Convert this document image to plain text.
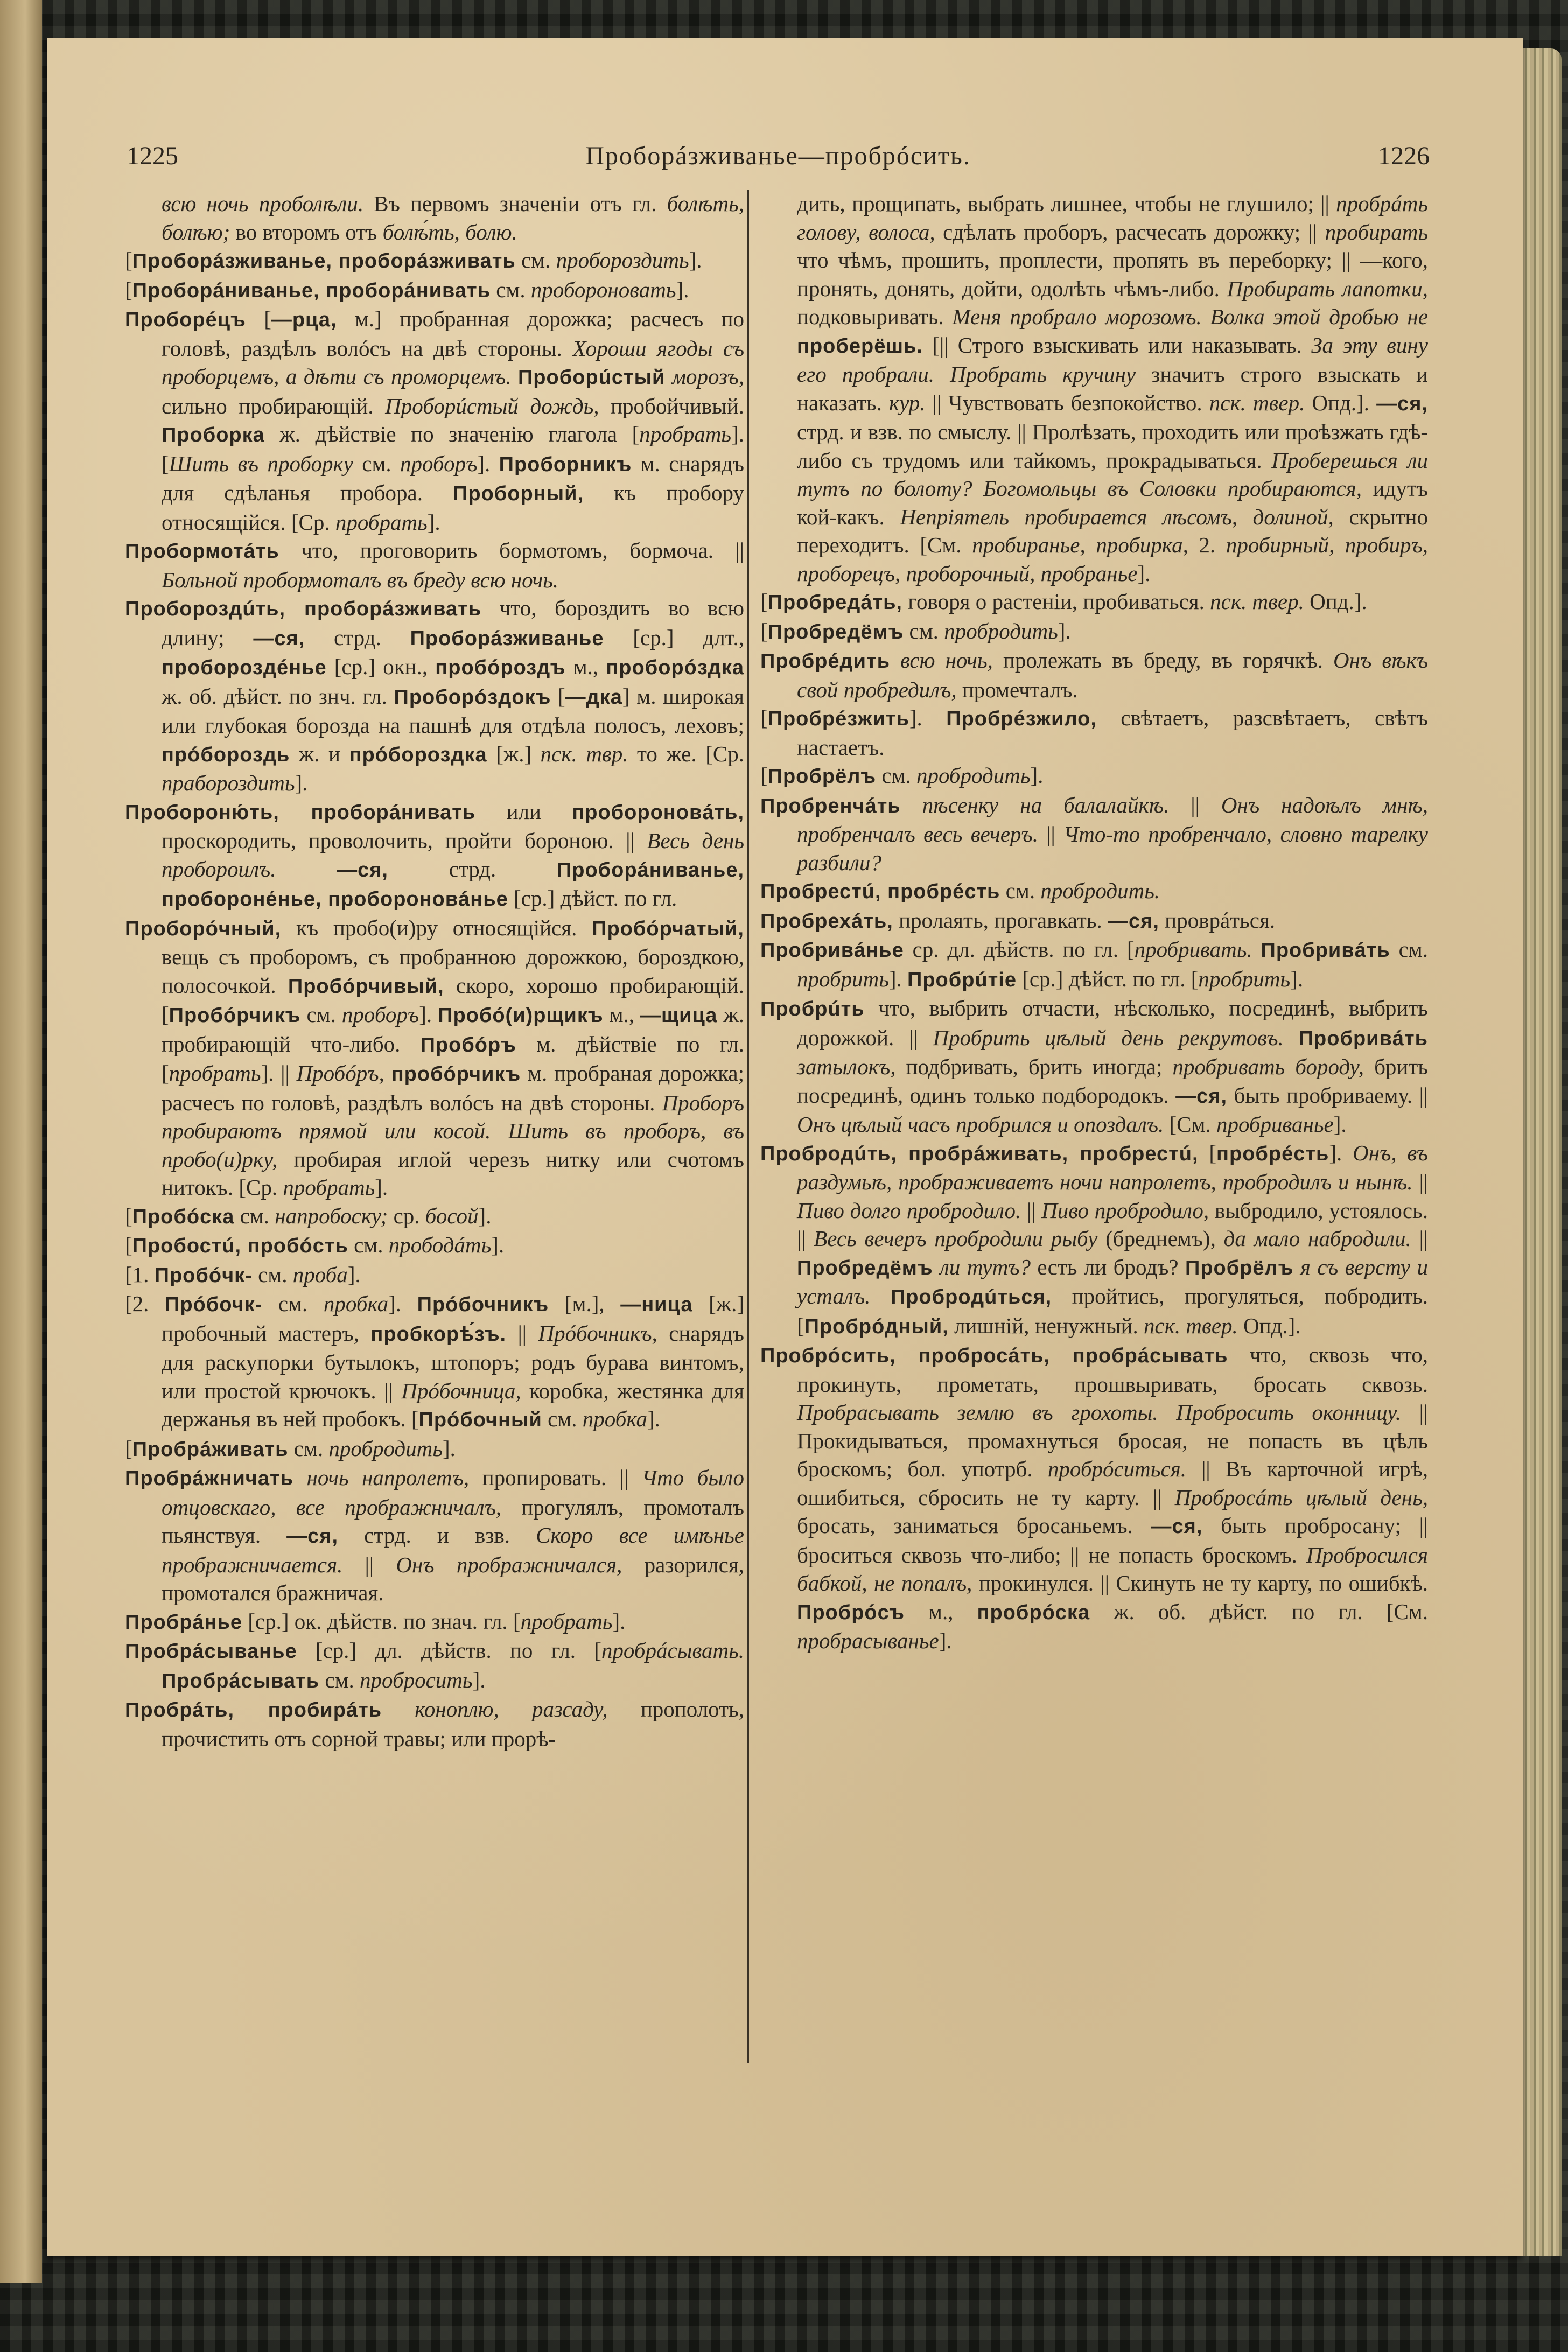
1225	Проборáзживанье—пробрóсить.	1226

всю ночь проболѣли. Въ первомъ значеніи отъ гл. болѣть, болѣю; во второмъ отъ болѣ́ть, болю.

[Проборáзживанье, проборáзживать см. пробороздить].

[Проборáниванье, проборáнивать см. пробороновать].

Проборéцъ [—рца, м.] пробранная дорожка; расчесъ по головѣ, раздѣлъ волóсъ на двѣ стороны. Хороши ягоды съ проборцемъ, а дѣти съ проморцемъ. Проборúстый морозъ, сильно пробирающій. Проборúстый дождь, пробойчивый. Проборка ж. дѣйствіе по значенію глагола [пробрать]. [Шить въ проборку см. проборъ]. Проборникъ м. снарядъ для сдѣланья пробора. Проборный, къ пробору относящійся. [Ср. пробрать].

Пробормотáть что, проговорить бормотомъ, бормоча. || Больной пробормоталъ въ бреду всю ночь.

Пробороздúть, проборáзживать что, бороздить во всю длину; —ся, стрд. Проборáзживанье [ср.] длт., пробороздéнье [ср.] окн., пробóроздъ м., проборóздка ж. об. дѣйст. по знч. гл. Проборóздокъ [—дка] м. широкая или глубокая борозда на пашнѣ для отдѣла полосъ, леховъ; прóбороздь ж. и прóбороздка [ж.] пск. твр. то же. [Ср. прабороздить].

Пробороню́ть, проборáнивать или пробороновáть, проскородить, проволочить, пройти бороною. || Весь день пробороилъ.	—ся, стрд. Проборáниванье, пробороне́нье, пробороновáнье [ср.] дѣйст. по гл.

Проборóчный, къ пробо(и)ру относящійся. Пробóрчатый, вещь съ проборомъ, съ пробранною дорожкою, бороздкою, полосочкой. Пробóрчивый, скоро, хорошо пробирающій. [Пробóрчикъ см. проборъ]. Пробó(и)рщикъ м., —щица ж. пробирающій что-либо. Пробóръ м. дѣйствіе по гл. [пробрать]. || Пробóръ, пробóрчикъ м. пробраная дорожка; расчесъ по головѣ, раздѣлъ волóсъ на двѣ стороны. Проборъ пробираютъ прямой или косой. Шить въ проборъ, въ пробо(и)рку, пробирая иглой черезъ нитку или счотомъ нитокъ. [Ср. пробрать].

[Пробóска см. напробоску; ср. босой].

[Пробостú, пробóсть см. прободáть].

[1. Пробóчк- см. проба].

[2. Прóбочк- см. пробка]. Прóбочникъ [м.], —ница [ж.] пробочный мастеръ, пробкорѣ́зъ. || Прóбочникъ, снарядъ для раскупорки бутылокъ, штопоръ; родъ бурава винтомъ, или простой крючокъ. || Прóбочница, коробка, жестянка для держанья въ ней пробокъ. [Прóбочный см. пробка].

[Пробрáживать см. пробродить].

Пробрáжничать ночь напролетъ, пропировать. || Что было отцовскаго, все прображничалъ, прогулялъ, промоталъ пьянствуя. —ся, стрд. и взв. Скоро все имѣнье прображничается. || Онъ прображничался, разорился, промотался бражничая.

Пробрáнье [ср.] ок. дѣйств. по знач. гл. [пробрать].

Пробрáсыванье [ср.] дл. дѣйств. по гл. [пробрáсывать. Пробрáсывать см. пробросить].

Пробрáть, пробирáть коноплю, разсаду, прополоть, прочистить отъ сорной травы; или прорѣ-

дить, прощипать, выбрать лишнее, чтобы не глушило; || пробрáть голову, волоса, сдѣлать проборъ, расчесать дорожку; || пробирать что чѣмъ, прошить, проплести, пропять въ переборку; || —кого, пронять, донять, дойти, одолѣть чѣмъ-либо. Пробирать лапотки, подковыривать. Меня пробрало морозомъ. Волка этой дробью не проберёшь. [|| Строго взыскивать или наказывать. За эту вину его пробрали. Пробрать кручину значитъ строго взыскать и наказать. кур. || Чувствовать безпокойство. пск. твер. Опд.]. —ся, стрд. и взв. по смыслу. || Пролѣзать, проходить или проѣзжать гдѣ-либо съ трудомъ или тайкомъ, прокрадываться. Проберешься ли тутъ по болоту? Богомольцы въ Соловки пробираются, идутъ кой-какъ. Непріятель пробирается лѣсомъ, долиной, скрытно переходитъ. [См. пробиранье, пробирка, 2. пробирный, пробиръ, проборецъ, проборочный, пробранье].

[Пробредáть, говоря о растеніи, пробиваться. пск. твер. Опд.].

[Пробредёмъ см. пробродить].

Пробрéдить всю ночь, пролежать въ бреду, въ горячкѣ. Онъ вѣкъ свой пробредилъ, промечталъ.

[Пробрéзжить]. Пробрéзжило, свѣтаетъ, разсвѣтаетъ, свѣтъ настаетъ.

[Пробрёлъ см. пробродить].

Пробренчáть пѣсенку на балалайкѣ. || Онъ надоѣлъ мнѣ, пробренчалъ весь вечеръ. || Что-то пробренчало, словно тарелку разбили?

Пробрестú, пробрéсть см. пробродить.

Пробрехáть, пролаять, прогавкать. —ся, проврáться.

Пробривáнье ср. дл. дѣйств. по гл. [пробривать. Пробривáть см. пробрить]. Пробрúтіе [ср.] дѣйст. по гл. [пробрить].

Пробрúть что, выбрить отчасти, нѣсколько, посрединѣ, выбрить дорожкой. || Пробрить цѣлый день рекрутовъ. Пробривáть затылокъ, подбривать, брить иногда; пробривать бороду, брить посрединѣ, одинъ только подбородокъ. —ся, быть пробриваему. || Онъ цѣлый часъ пробрился и опоздалъ. [См. пробриванье].

Пробродúть, пробрáживать, пробрестú, [пробрéсть]. Онъ, въ раздумьѣ, прображиваетъ ночи напролетъ, пробродилъ и нынѣ. || Пиво долго пробродило. || Пиво пробродило, выбродило, устоялось. || Весь вечеръ пробродили рыбу (бреднемъ), да мало набродили. || Пробредёмъ ли тутъ? есть ли бродъ? Пробрёлъ я съ версту и усталъ. Пробродúться, пройтись, прогуляться, побродить. [Пробрóдный, лишній, ненужный. пск. твер. Опд.].

Пробрóсить, пробросáть, пробрáсывать что, сквозь что, прокинуть, прометать, прошвыривать, бросать сквозь. Пробрасывать землю въ грохоты. Пробросить оконницу. || Прокидываться, промахнуться бросая, не попасть въ цѣль броскомъ; бол. употрб. пробрóситься. || Въ карточной игрѣ, ошибиться, сбросить не ту карту. || Пробросáть цѣлый день, бросать, заниматься бросаньемъ. —ся, быть пробросану; || броситься сквозь что-либо; || не попасть броскомъ. Пробросился бабкой, не попалъ, прокинулся. || Скинуть не ту карту, по ошибкѣ. Пробрóсъ м., пробрóска ж. об. дѣйст. по гл. [См. пробрасыванье].
